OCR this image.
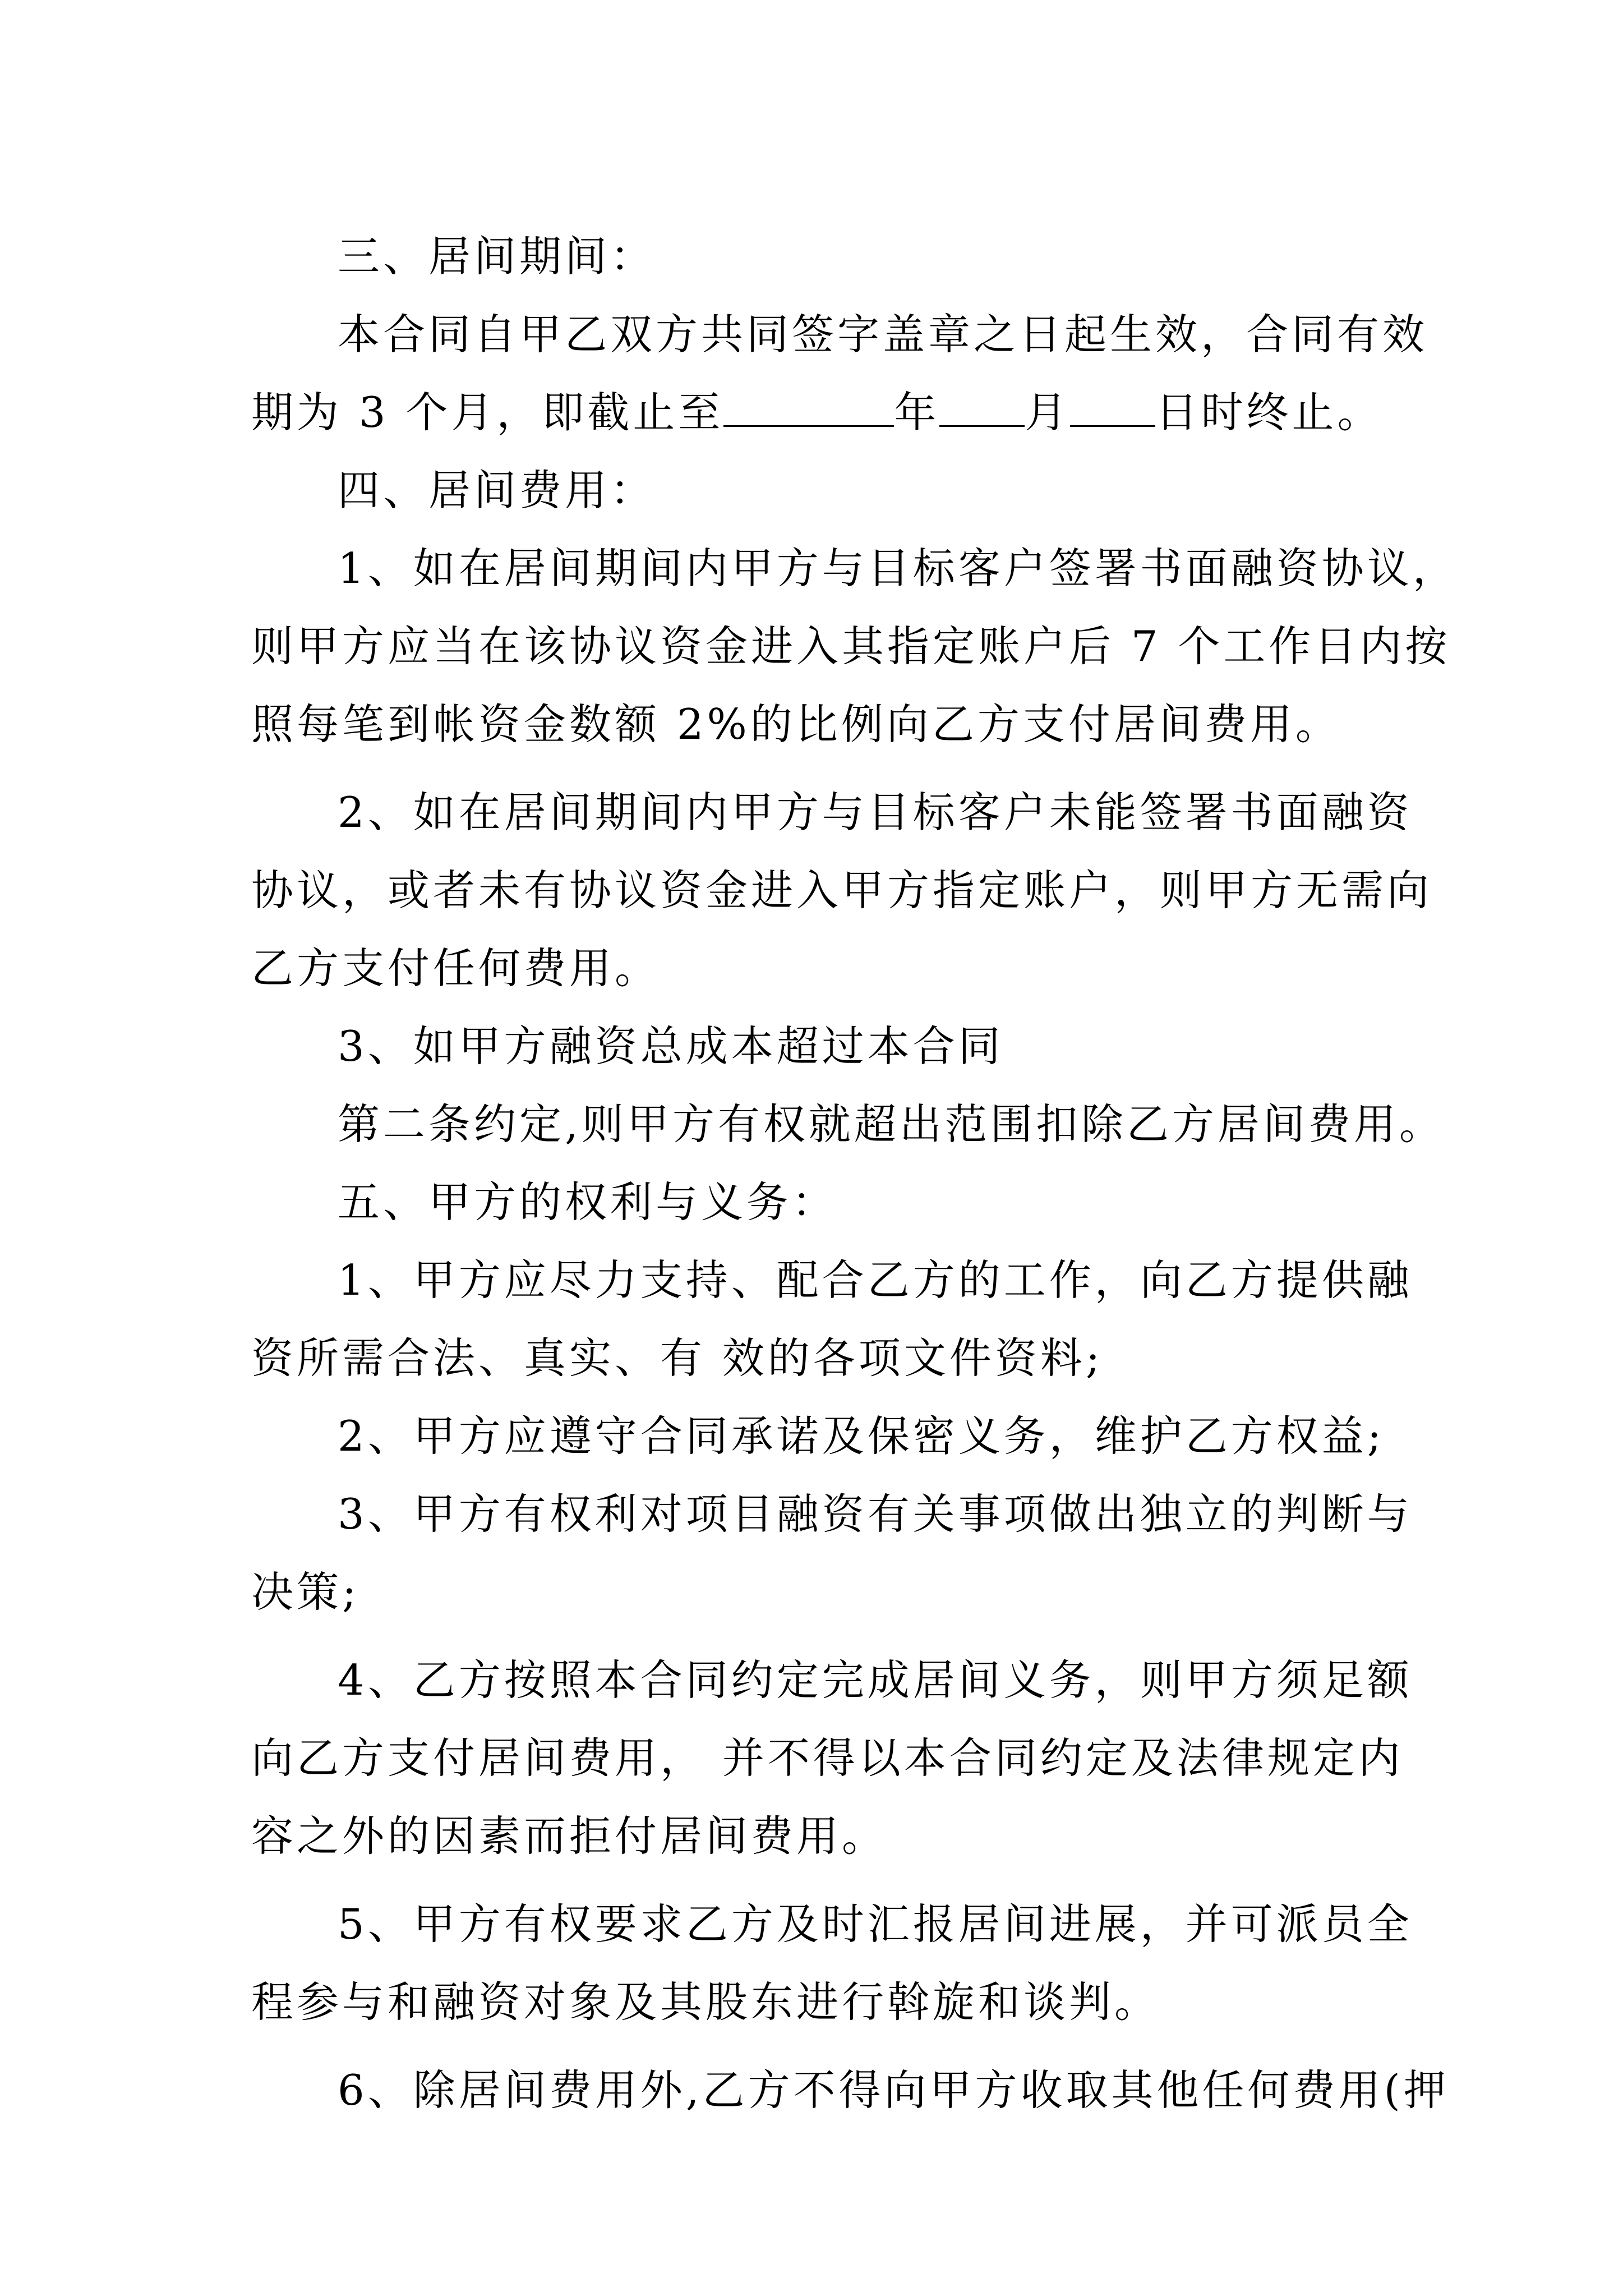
三、居间期间：
本合同自甲乙双方共同签字盖章之日起生效，合同有效
期为 3 个月，即截止至	年 月 日时终止。
四、居间费用：
1、如在居间期间内甲方与目标客户签署书面融资协议，
则甲方应当在该协议资金进入其指定账户后 7 个工作日内按
照每笔到帐资金数额 2%的比例向乙方支付居间费用。
2、如在居间期间内甲方与目标客户未能签署书面融资
协议，或者未有协议资金进入甲方指定账户，则甲方无需向
乙方支付任何费用。
3、如甲方融资总成本超过本合同
第二条约定,则甲方有权就超出范围扣除乙方居间费用。
五、甲方的权利与义务：
1、甲方应尽力支持、配合乙方的工作，向乙方提供融
资所需合法、真实、有 效的各项文件资料;
2、甲方应遵守合同承诺及保密义务，维护乙方权益;
3、甲方有权利对项目融资有关事项做出独立的判断与
决策;
4、乙方按照本合同约定完成居间义务，则甲方须足额
向乙方支付居间费用， 并不得以本合同约定及法律规定内
容之外的因素而拒付居间费用。
5、甲方有权要求乙方及时汇报居间进展，并可派员全
程参与和融资对象及其股东进行斡旋和谈判。
6、除居间费用外,乙方不得向甲方收取其他任何费用(押
